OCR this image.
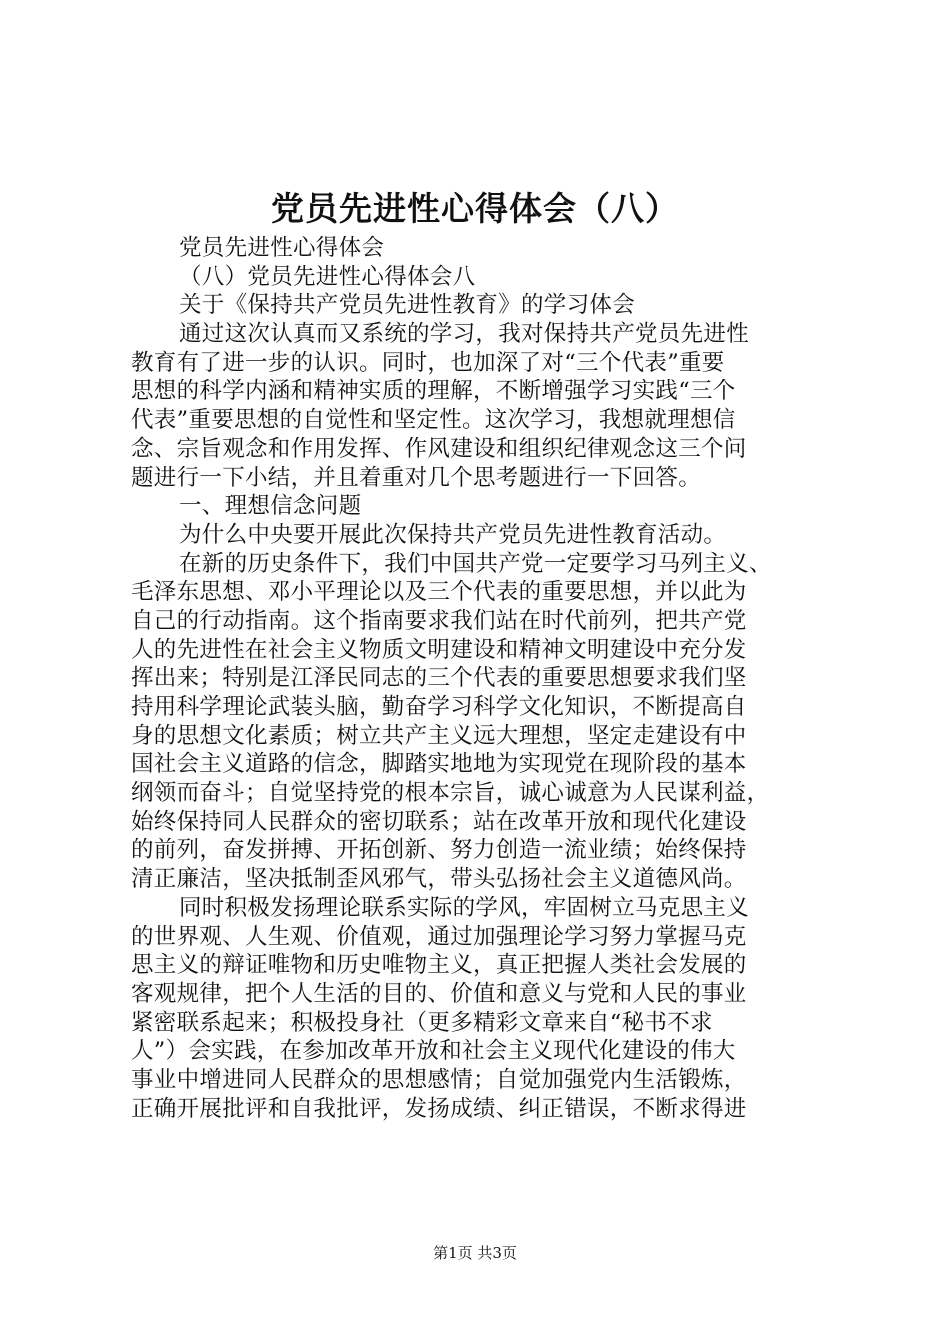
党员先进性心得体会（八）
党员先进性心得体会
（八）党员先进性心得体会八
关于《保持共产党员先进性教育》的学习体会
通过这次认真而又系统的学习，我对保持共产党员先进性
教育有了进一步的认识。同时，也加深了对“三个代表”重要
思想的科学内涵和精神实质的理解，不断增强学习实践“三个
代表”重要思想的自觉性和坚定性。这次学习，我想就理想信
念、宗旨观念和作用发挥、作风建设和组织纪律观念这三个问
题进行一下小结，并且着重对几个思考题进行一下回答。
一、理想信念问题
为什么中央要开展此次保持共产党员先进性教育活动。
在新的历史条件下，我们中国共产党一定要学习马列主义、
毛泽东思想、邓小平理论以及三个代表的重要思想，并以此为
自己的行动指南。这个指南要求我们站在时代前列，把共产党
人的先进性在社会主义物质文明建设和精神文明建设中充分发
挥出来；特别是江泽民同志的三个代表的重要思想要求我们坚
持用科学理论武装头脑，勤奋学习科学文化知识，不断提高自
身的思想文化素质；树立共产主义远大理想，坚定走建设有中
国社会主义道路的信念，脚踏实地地为实现党在现阶段的基本
纲领而奋斗；自觉坚持党的根本宗旨，诚心诚意为人民谋利益，
始终保持同人民群众的密切联系；站在改革开放和现代化建设
的前列，奋发拼搏、开拓创新、努力创造一流业绩；始终保持
清正廉洁，坚决抵制歪风邪气，带头弘扬社会主义道德风尚。
同时积极发扬理论联系实际的学风，牢固树立马克思主义
的世界观、人生观、价值观，通过加强理论学习努力掌握马克
思主义的辩证唯物和历史唯物主义，真正把握人类社会发展的
客观规律，把个人生活的目的、价值和意义与党和人民的事业
紧密联系起来；积极投身社（更多精彩文章来自“秘书不求
人”）会实践，在参加改革开放和社会主义现代化建设的伟大
事业中增进同人民群众的思想感情；自觉加强党内生活锻炼，
正确开展批评和自我批评，发扬成绩、纠正错误，不断求得进
第1页 共3页
